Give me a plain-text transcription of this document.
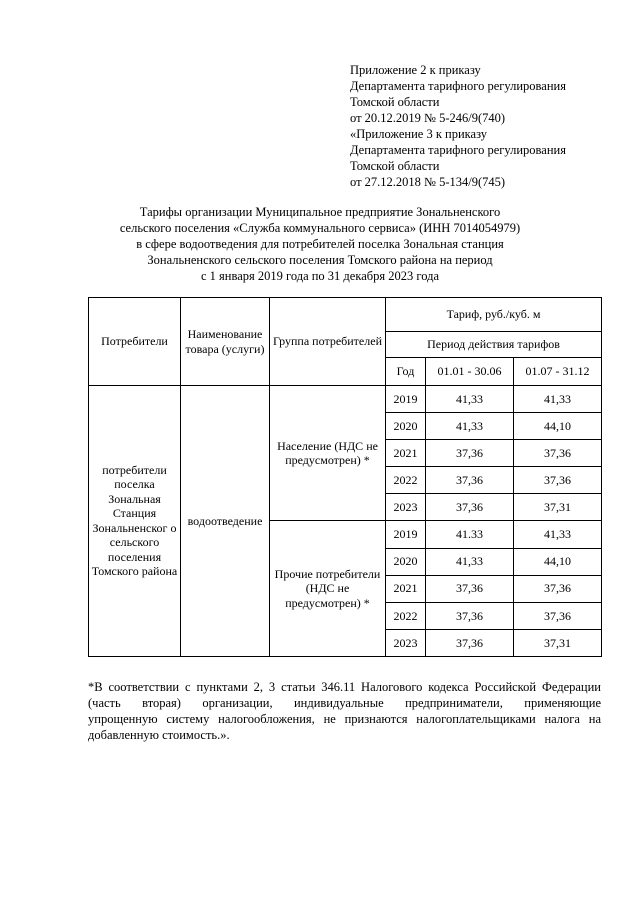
Приложение 2 к приказу
Департамента тарифного регулирования
Томской области
от 20.12.2019 № 5-246/9(740)
«Приложение 3 к приказу
Департамента тарифного регулирования
Томской области
от 27.12.2018 № 5-134/9(745)
Тарифы организации Муниципальное предприятие Зональненского
сельского поселения «Служба коммунального сервиса» (ИНН 7014054979)
в сфере водоотведения для потребителей поселка Зональная станция
Зональненского сельского поселения Томского района на период
с 1 января 2019 года по 31 декабря 2023 года
Потребители	Наименование товара (услуги)	Группа потребителей	Тариф, руб./куб. м		
			Период действия тарифов		
			Год	01.01 - 30.06	01.07 - 31.12
потребители поселка Зональная Станция Зональненског о сельского поселения Томского района	водоотведение	Население (НДС не предусмотрен) *	2019	41,33	41,33
			2020	41,33	44,10
			2021	37,36	37,36
			2022	37,36	37,36
			2023	37,36	37,31
		Прочие потребители (НДС не предусмотрен) *	2019	41.33	41,33
			2020	41,33	44,10
			2021	37,36	37,36
			2022	37,36	37,36
			2023	37,36	37,31
*В соответствии с пунктами 2, 3 статьи 346.11 Налогового кодекса Российской Федерации
(часть вторая) организации, индивидуальные предприниматели, применяющие
упрощенную систему налогообложения, не признаются налогоплательщиками налога на
добавленную стоимость.».
